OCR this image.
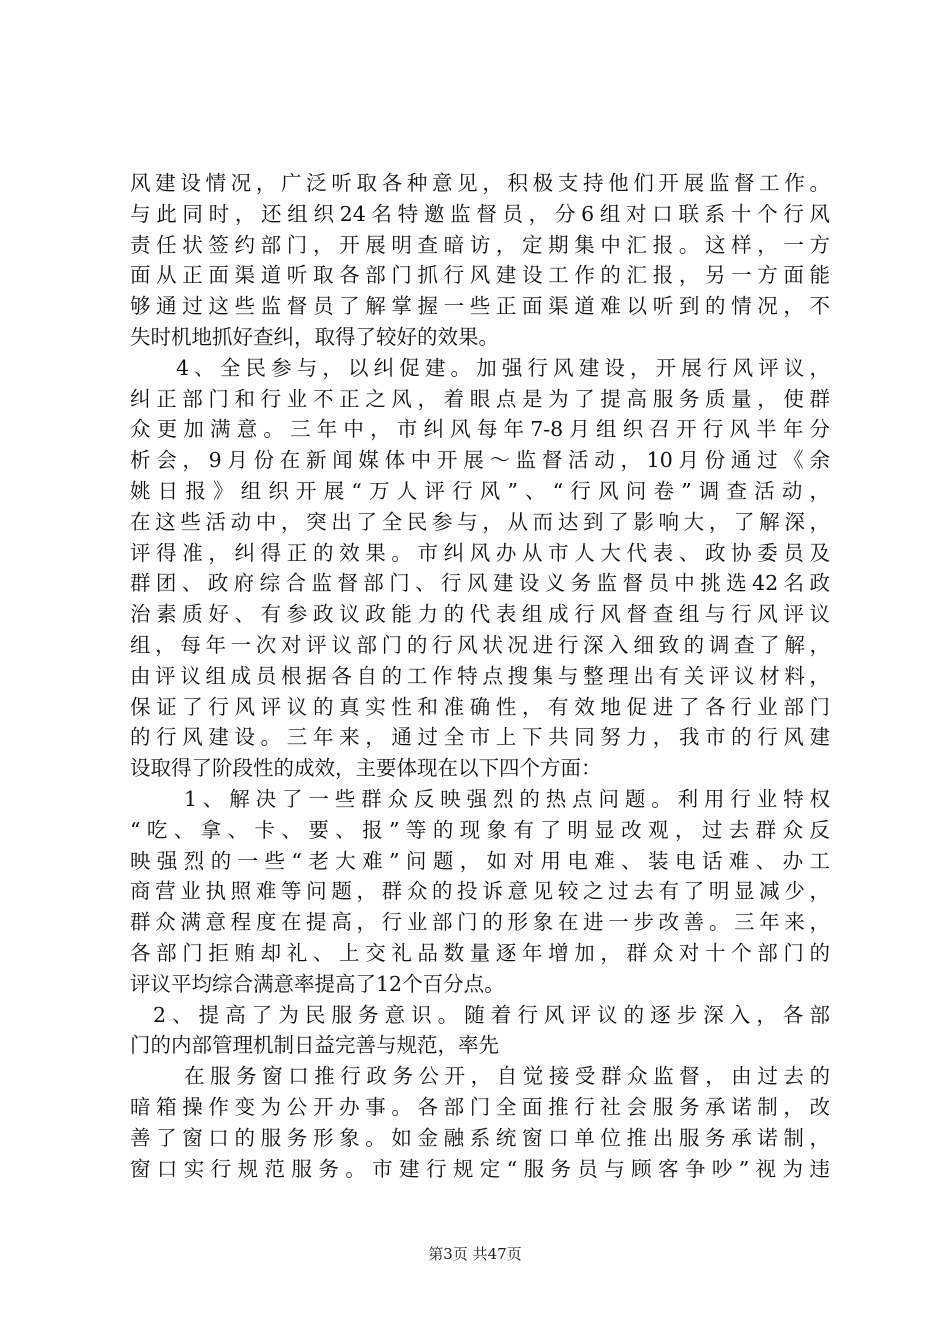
风建设情况，广泛听取各种意见，积极支持他们开展监督工作。
与此同时，还组织24名特邀监督员，分6组对口联系十个行风
责任状签约部门，开展明查暗访，定期集中汇报。这样，一方
面从正面渠道听取各部门抓行风建设工作的汇报，另一方面能
够通过这些监督员了解掌握一些正面渠道难以听到的情况，不
失时机地抓好查纠，取得了较好的效果。
4、全民参与，以纠促建。加强行风建设，开展行风评议，
纠正部门和行业不正之风，着眼点是为了提高服务质量，使群
众更加满意。三年中，市纠风每年7-8月组织召开行风半年分
析会，9月份在新闻媒体中开展～监督活动，10月份通过《余
姚日报》组织开展“万人评行风”、“行风问卷”调查活动，
在这些活动中，突出了全民参与，从而达到了影响大，了解深，
评得准，纠得正的效果。市纠风办从市人大代表、政协委员及
群团、政府综合监督部门、行风建设义务监督员中挑选42名政
治素质好、有参政议政能力的代表组成行风督查组与行风评议
组，每年一次对评议部门的行风状况进行深入细致的调查了解，
由评议组成员根据各自的工作特点搜集与整理出有关评议材料，
保证了行风评议的真实性和准确性，有效地促进了各行业部门
的行风建设。三年来，通过全市上下共同努力，我市的行风建
设取得了阶段性的成效，主要体现在以下四个方面：
1、解决了一些群众反映强烈的热点问题。利用行业特权
“吃、拿、卡、要、报”等的现象有了明显改观，过去群众反
映强烈的一些“老大难”问题，如对用电难、装电话难、办工
商营业执照难等问题，群众的投诉意见较之过去有了明显减少，
群众满意程度在提高，行业部门的形象在进一步改善。三年来，
各部门拒贿却礼、上交礼品数量逐年增加，群众对十个部门的
评议平均综合满意率提高了12个百分点。
2、提高了为民服务意识。随着行风评议的逐步深入，各部
门的内部管理机制日益完善与规范，率先
在服务窗口推行政务公开，自觉接受群众监督，由过去的
暗箱操作变为公开办事。各部门全面推行社会服务承诺制，改
善了窗口的服务形象。如金融系统窗口单位推出服务承诺制，
窗口实行规范服务。市建行规定“服务员与顾客争吵”视为违
第3页 共47页
